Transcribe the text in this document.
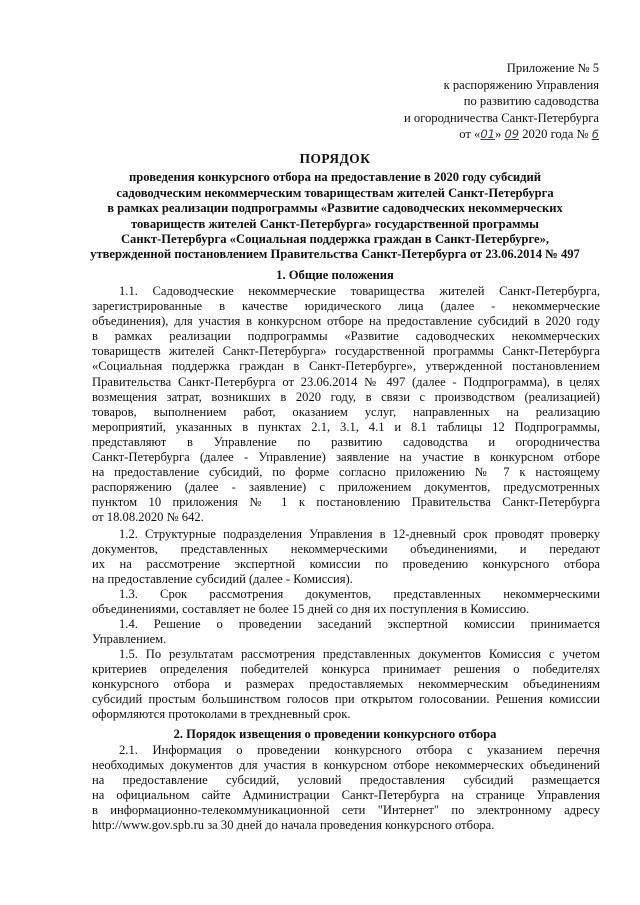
Приложение № 5
к распоряжению Управления
по развитию садоводства
и огородничества Санкт-Петербурга
от «01» 09 2020 года № 6
ПОРЯДОК
проведения конкурсного отбора на предоставление в 2020 году субсидий
садоводческим некоммерческим товариществам жителей Санкт-Петербурга
в рамках реализации подпрограммы «Развитие садоводческих некоммерческих
товариществ жителей Санкт-Петербурга» государственной программы
Санкт-Петербурга «Социальная поддержка граждан в Санкт-Петербурге»,
утвержденной постановлением Правительства Санкт-Петербурга от 23.06.2014 № 497
1. Общие положения
1.1. Садоводческие некоммерческие товарищества жителей Санкт-Петербурга,
зарегистрированные в качестве юридического лица (далее - некоммерческие
объединения), для участия в конкурсном отборе на предоставление субсидий в 2020 году
в рамках реализации подпрограммы «Развитие садоводческих некоммерческих
товариществ жителей Санкт-Петербурга» государственной программы Санкт-Петербурга
«Социальная поддержка граждан в Санкт-Петербурге», утвержденной постановлением
Правительства Санкт-Петербурга от 23.06.2014 № 497 (далее - Подпрограмма), в целях
возмещения затрат, возникших в 2020 году, в связи с производством (реализацией)
товаров, выполнением работ, оказанием услуг, направленных на реализацию
мероприятий, указанных в пунктах 2.1, 3.1, 4.1 и 8.1 таблицы 12 Подпрограммы,
представляют в Управление по развитию садоводства и огородничества
Санкт-Петербурга (далее - Управление) заявление на участие в конкурсном отборе
на предоставление субсидий, по форме согласно приложению № 7 к настоящему
распоряжению (далее - заявление) с приложением документов, предусмотренных
пунктом 10 приложения № 1 к постановлению Правительства Санкт-Петербурга
от 18.08.2020 № 642.
1.2. Структурные подразделения Управления в 12-дневный срок проводят проверку
документов, представленных некоммерческими объединениями, и передают
их на рассмотрение экспертной комиссии по проведению конкурсного отбора
на предоставление субсидий (далее - Комиссия).
1.3. Срок рассмотрения документов, представленных некоммерческими
объединениями, составляет не более 15 дней со дня их поступления в Комиссию.
1.4. Решение о проведении заседаний экспертной комиссии принимается
Управлением.
1.5. По результатам рассмотрения представленных документов Комиссия с учетом
критериев определения победителей конкурса принимает решения о победителях
конкурсного отбора и размерах предоставляемых некоммерческим объединениям
субсидий простым большинством голосов при открытом голосовании. Решения комиссии
оформляются протоколами в трехдневный срок.
2. Порядок извещения о проведении конкурсного отбора
2.1. Информация о проведении конкурсного отбора с указанием перечня
необходимых документов для участия в конкурсном отборе некоммерческих объединений
на предоставление субсидий, условий предоставления субсидий размещается
на официальном сайте Администрации Санкт-Петербурга на странице Управления
в информационно-телекоммуникационной сети "Интернет" по электронному адресу
http://www.gov.spb.ru за 30 дней до начала проведения конкурсного отбора.
